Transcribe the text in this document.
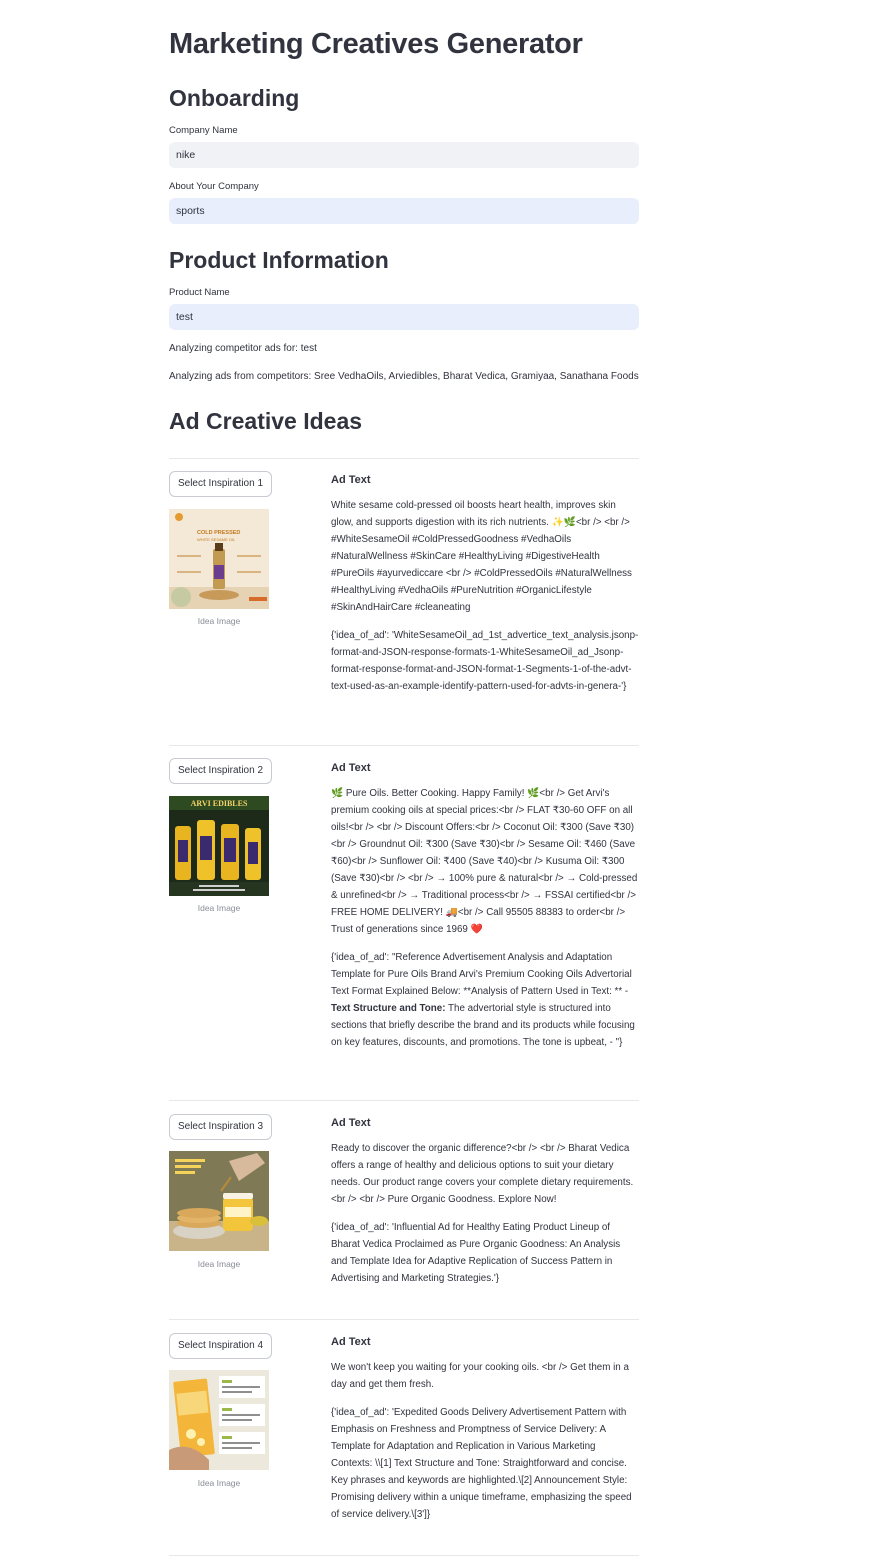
Marketing Creatives Generator
Onboarding
Company Name
nike
About Your Company
sports
Product Information
Product Name
test
Analyzing competitor ads for: test
Analyzing ads from competitors: Sree VedhaOils, Arviedibles, Bharat Vedica, Gramiyaa, Sanathana Foods
Ad Creative Ideas
Select Inspiration 1
COLD PRESSED
WHITE SESAME OIL
Idea Image
Ad Text

White sesame cold-pressed oil boosts heart health, improves skin glow, and supports digestion with its rich nutrients. ✨🌿<br /> <br /> #WhiteSesameOil #ColdPressedGoodness #VedhaOils #NaturalWellness #SkinCare #HealthyLiving #DigestiveHealth #PureOils #ayurvediccare <br /> #ColdPressedOils #NaturalWellness #HealthyLiving #VedhaOils #PureNutrition #OrganicLifestyle #SkinAndHairCare #cleaneating

{'idea_of_ad': 'WhiteSesameOil_ad_1st_advertice_text_analysis.jsonp-format-and-JSON-response-formats-1-WhiteSesameOil_ad_Jsonp-format-response-format-and-JSON-format-1-Segments-1-of-the-advt-text-used-as-an-example-identify-pattern-used-for-advts-in-genera-'}

Select Inspiration 2
ARVI EDIBLES
Idea Image
Ad Text

🌿 Pure Oils. Better Cooking. Happy Family! 🌿<br /> Get Arvi's premium cooking oils at special prices:<br /> FLAT ₹30-60 OFF on all oils!<br /> <br /> Discount Offers:<br /> Coconut Oil: ₹300 (Save ₹30)<br /> Groundnut Oil: ₹300 (Save ₹30)<br /> Sesame Oil: ₹460 (Save ₹60)<br /> Sunflower Oil: ₹400 (Save ₹40)<br /> Kusuma Oil: ₹300 (Save ₹30)<br /> <br /> → 100% pure & natural<br /> → Cold-pressed & unrefined<br /> → Traditional process<br /> → FSSAI certified<br /> FREE HOME DELIVERY! 🚚<br /> Call 95505 88383 to order<br /> Trust of generations since 1969 ❤️

{'idea_of_ad': "Reference Advertisement Analysis and Adaptation Template for Pure Oils Brand Arvi's Premium Cooking Oils Advertorial Text Format Explained Below: **Analysis of Pattern Used in Text: ** - Text Structure and Tone: The advertorial style is structured into sections that briefly describe the brand and its products while focusing on key features, discounts, and promotions. The tone is upbeat, - "}

Select Inspiration 3
Idea Image
Ad Text

Ready to discover the organic difference?<br /> <br /> Bharat Vedica offers a range of healthy and delicious options to suit your dietary needs. Our product range covers your complete dietary requirements.<br /> <br /> Pure Organic Goodness. Explore Now!

{'idea_of_ad': 'Influential Ad for Healthy Eating Product Lineup of Bharat Vedica Proclaimed as Pure Organic Goodness: An Analysis and Template Idea for Adaptive Replication of Success Pattern in Advertising and Marketing Strategies.'}

Select Inspiration 4
Idea Image
Ad Text

We won't keep you waiting for your cooking oils. <br /> Get them in a day and get them fresh.

{'idea_of_ad': 'Expedited Goods Delivery Advertisement Pattern with Emphasis on Freshness and Promptness of Service Delivery: A Template for Adaptation and Replication in Various Marketing Contexts: \\[1] Text Structure and Tone: Straightforward and concise. Key phrases and keywords are highlighted.\[2] Announcement Style: Promising delivery within a unique timeframe, emphasizing the speed of service delivery.\[3']}
